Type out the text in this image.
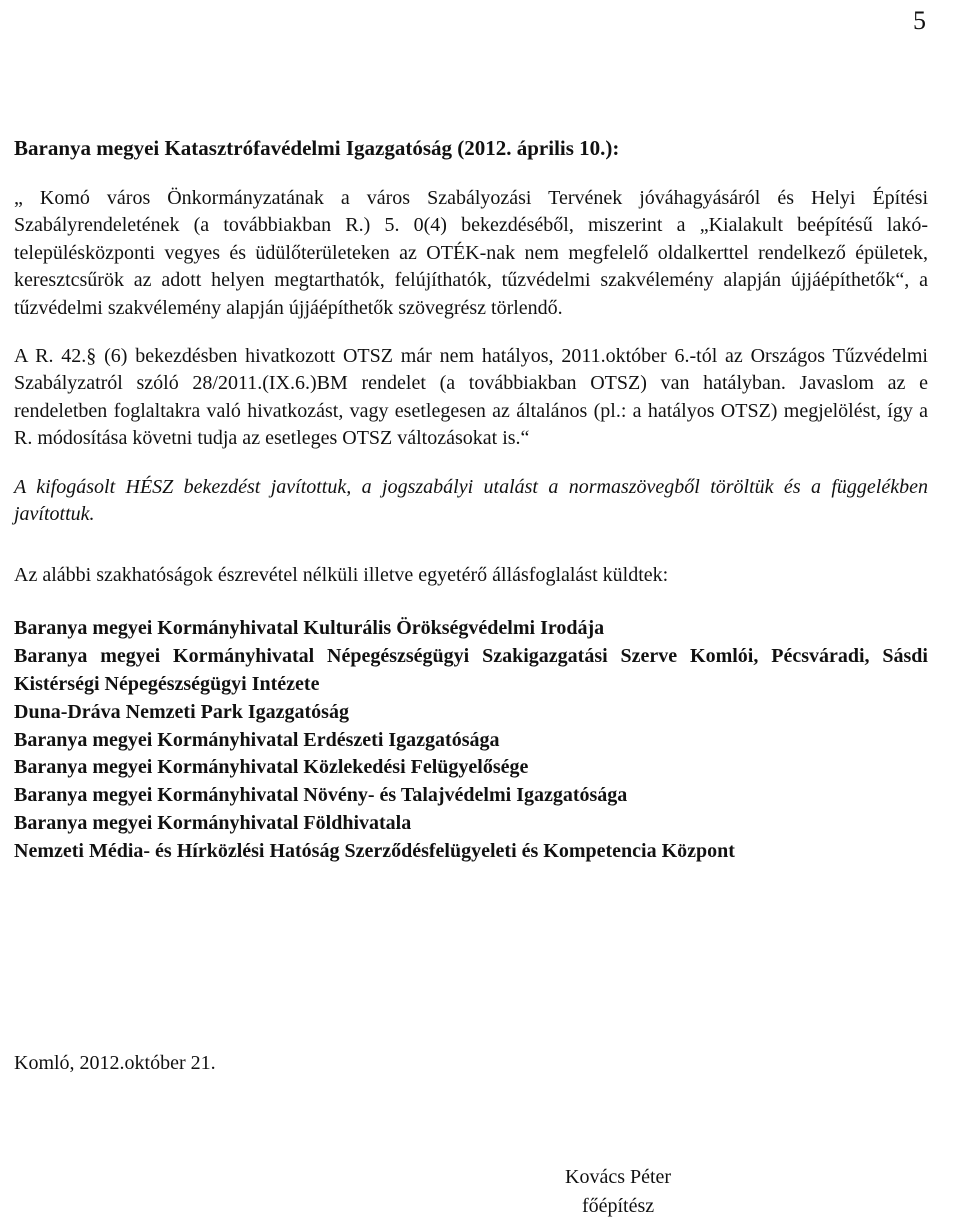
5

Baranya megyei Katasztrófavédelmi Igazgatóság (2012. április 10.):

„ Komó város Önkormányzatának a város Szabályozási Tervének jóváhagyásáról és Helyi Építési Szabályrendeletének (a továbbiakban R.) 5. 0(4) bekezdéséből, miszerint a „Kialakult beépítésű lakó- településközponti vegyes és üdülőterületeken az OTÉK-nak nem megfelelő oldalkerttel rendelkező épületek, keresztcsűrök az adott helyen megtarthatók, felújíthatók, tűzvédelmi szakvélemény alapján újjáépíthetők“, a tűzvédelmi szakvélemény alapján újjáépíthetők szövegrész törlendő.

A R. 42.§ (6) bekezdésben hivatkozott OTSZ már nem hatályos, 2011.október 6.-tól az Országos Tűzvédelmi Szabályzatról szóló 28/2011.(IX.6.)BM rendelet (a továbbiakban OTSZ) van hatályban. Javaslom az e rendeletben foglaltakra való hivatkozást, vagy esetlegesen az általános (pl.: a hatályos OTSZ) megjelölést, így a R. módosítása követni tudja az esetleges OTSZ változásokat is.“

A kifogásolt HÉSZ bekezdést javítottuk, a jogszabályi utalást a normaszövegből töröltük és a függelékben javítottuk.

Az alábbi szakhatóságok észrevétel nélküli illetve egyetérő állásfoglalást küldtek:

Baranya megyei Kormányhivatal Kulturális Örökségvédelmi Irodája
Baranya megyei Kormányhivatal Népegészségügyi Szakigazgatási Szerve Komlói, Pécsváradi, Sásdi Kistérségi Népegészségügyi Intézete
Duna-Dráva Nemzeti Park Igazgatóság
Baranya megyei Kormányhivatal Erdészeti Igazgatósága
Baranya megyei Kormányhivatal Közlekedési Felügyelősége
Baranya megyei Kormányhivatal Növény- és Talajvédelmi Igazgatósága
Baranya megyei Kormányhivatal Földhivatala
Nemzeti Média- és Hírközlési Hatóság Szerződésfelügyeleti és Kompetencia Központ
Komló, 2012.október 21.
Kovács Péter
főépítész
